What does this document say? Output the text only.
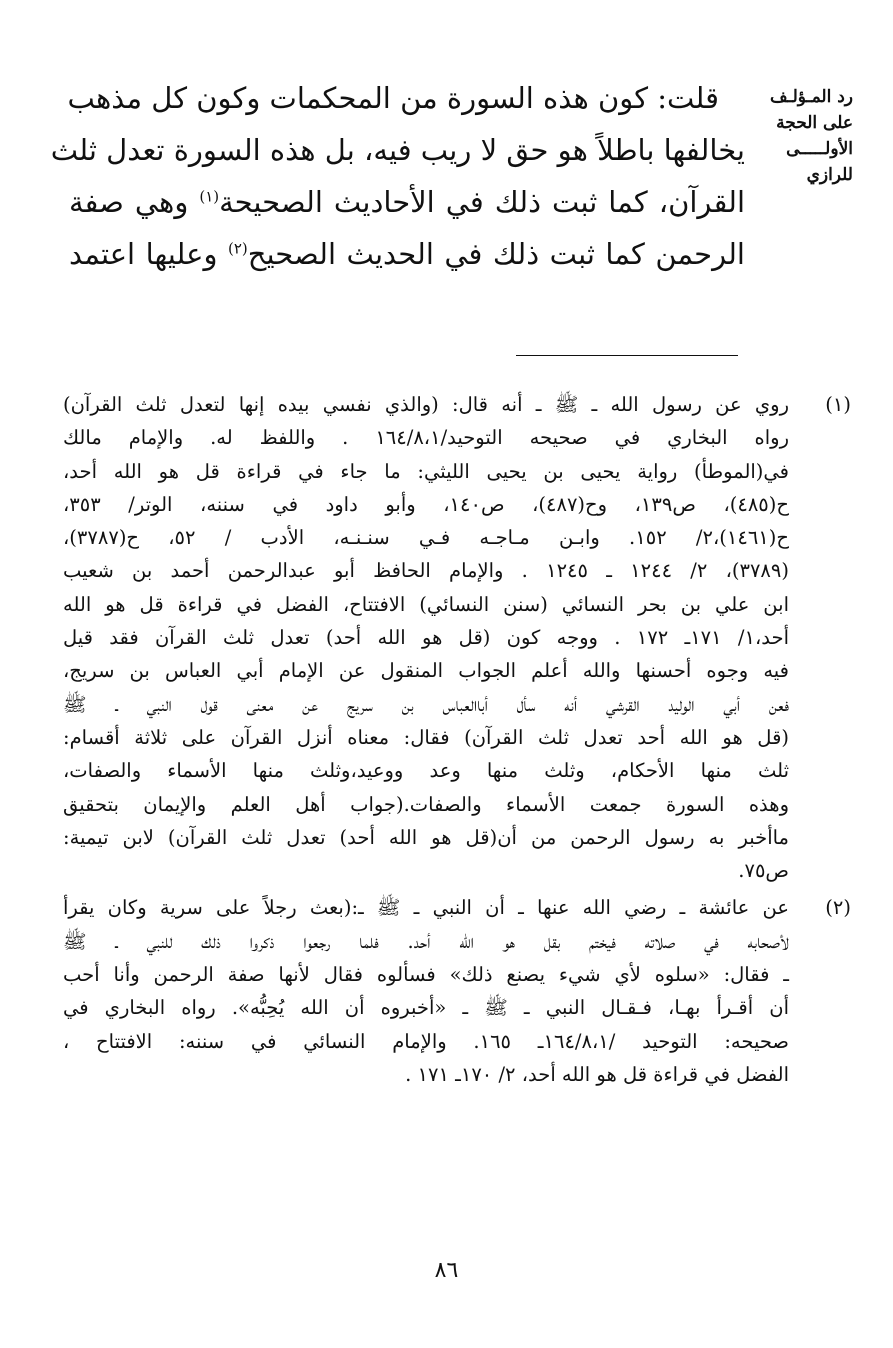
رد المـؤلـف
على الحجة
الأولـــــى
للرازي
قلت: كون هذه السورة من المحكمات وكون كل مذهب
يخالفها باطلاً هو حق لا ريب فيه، بل هذه السورة تعدل ثلث
القرآن، كما ثبت ذلك في الأحاديث الصحيحة$^{(١)}$ وهي صفة
الرحمن كما ثبت ذلك في الحديث الصحيح$^{(٢)}$ وعليها اعتمد
(١)
روي عن رسول الله ـ ﷺ ـ أنه قال: (والذي نفسي بيده إنها لتعدل ثلث القرآن)
رواه البخاري في صحيحه التوحيد/١٦٤/٨،١ . واللفظ له. والإمام مالك
في(الموطأ) رواية يحيى بن يحيى الليثي: ما جاء في قراءة قل هو الله أحد،
ح(٤٨٥)، ص١٣٩، وح(٤٨٧)، ص١٤٠، وأبو داود في سننه، الوتر/ ٣٥٣،
ح(١٤٦١)،٢/ ١٥٢. وابـن مـاجـه فـي سنـنـه، الأدب / ٥٢، ح(٣٧٨٧)،
(٣٧٨٩)، ٢/ ١٢٤٤ ـ ١٢٤٥ . والإمام الحافظ أبو عبدالرحمن أحمد بن شعيب
ابن علي بن بحر النسائي (سنن النسائي) الافتتاح، الفضل في قراءة قل هو الله
أحد،١/ ١٧١ـ ١٧٢ . ووجه كون (قل هو الله أحد) تعدل ثلث القرآن فقد قيل
فيه وجوه أحسنها والله أعلم الجواب المنقول عن الإمام أبي العباس بن سريج،
فعن أبي الوليد القرشي أنه سأل أباالعباس بن سريج عن معنى قول النبي ـ ﷺ
(قل هو الله أحد تعدل ثلث القرآن) فقال: معناه أنزل القرآن على ثلاثة أقسام:
ثلث منها الأحكام، وثلث منها وعد ووعيد،وثلث منها الأسماء والصفات،
وهذه السورة جمعت الأسماء والصفات.(جواب أهل العلم والإيمان بتحقيق
ماأخبر به رسول الرحمن من أن(قل هو الله أحد) تعدل ثلث القرآن) لابن تيمية:
ص٧٥.
(٢)
عن عائشة ـ رضي الله عنها ـ أن النبي ـ ﷺ ـ:(بعث رجلاً على سرية وكان يقرأ
لأصحابه في صلاته فيختم بقل هو الله أحد. فلما رجعوا ذكروا ذلك للنبي ـ ﷺ
ـ فقال: «سلوه لأي شيء يصنع ذلك» فسألوه فقال لأنها صفة الرحمن وأنا أحب
أن أقـرأ بهـا، فـقـال النبي ـ ﷺ ـ «أخبروه أن الله يُحِبُّه». رواه البخاري في
صحيحه: التوحيد /١٦٤/٨،١ـ ١٦٥. والإمام النسائي في سننه: الافتتاح ،
الفضل في قراءة قل هو الله أحد، ٢/ ١٧٠ـ ١٧١ .
٨٦
